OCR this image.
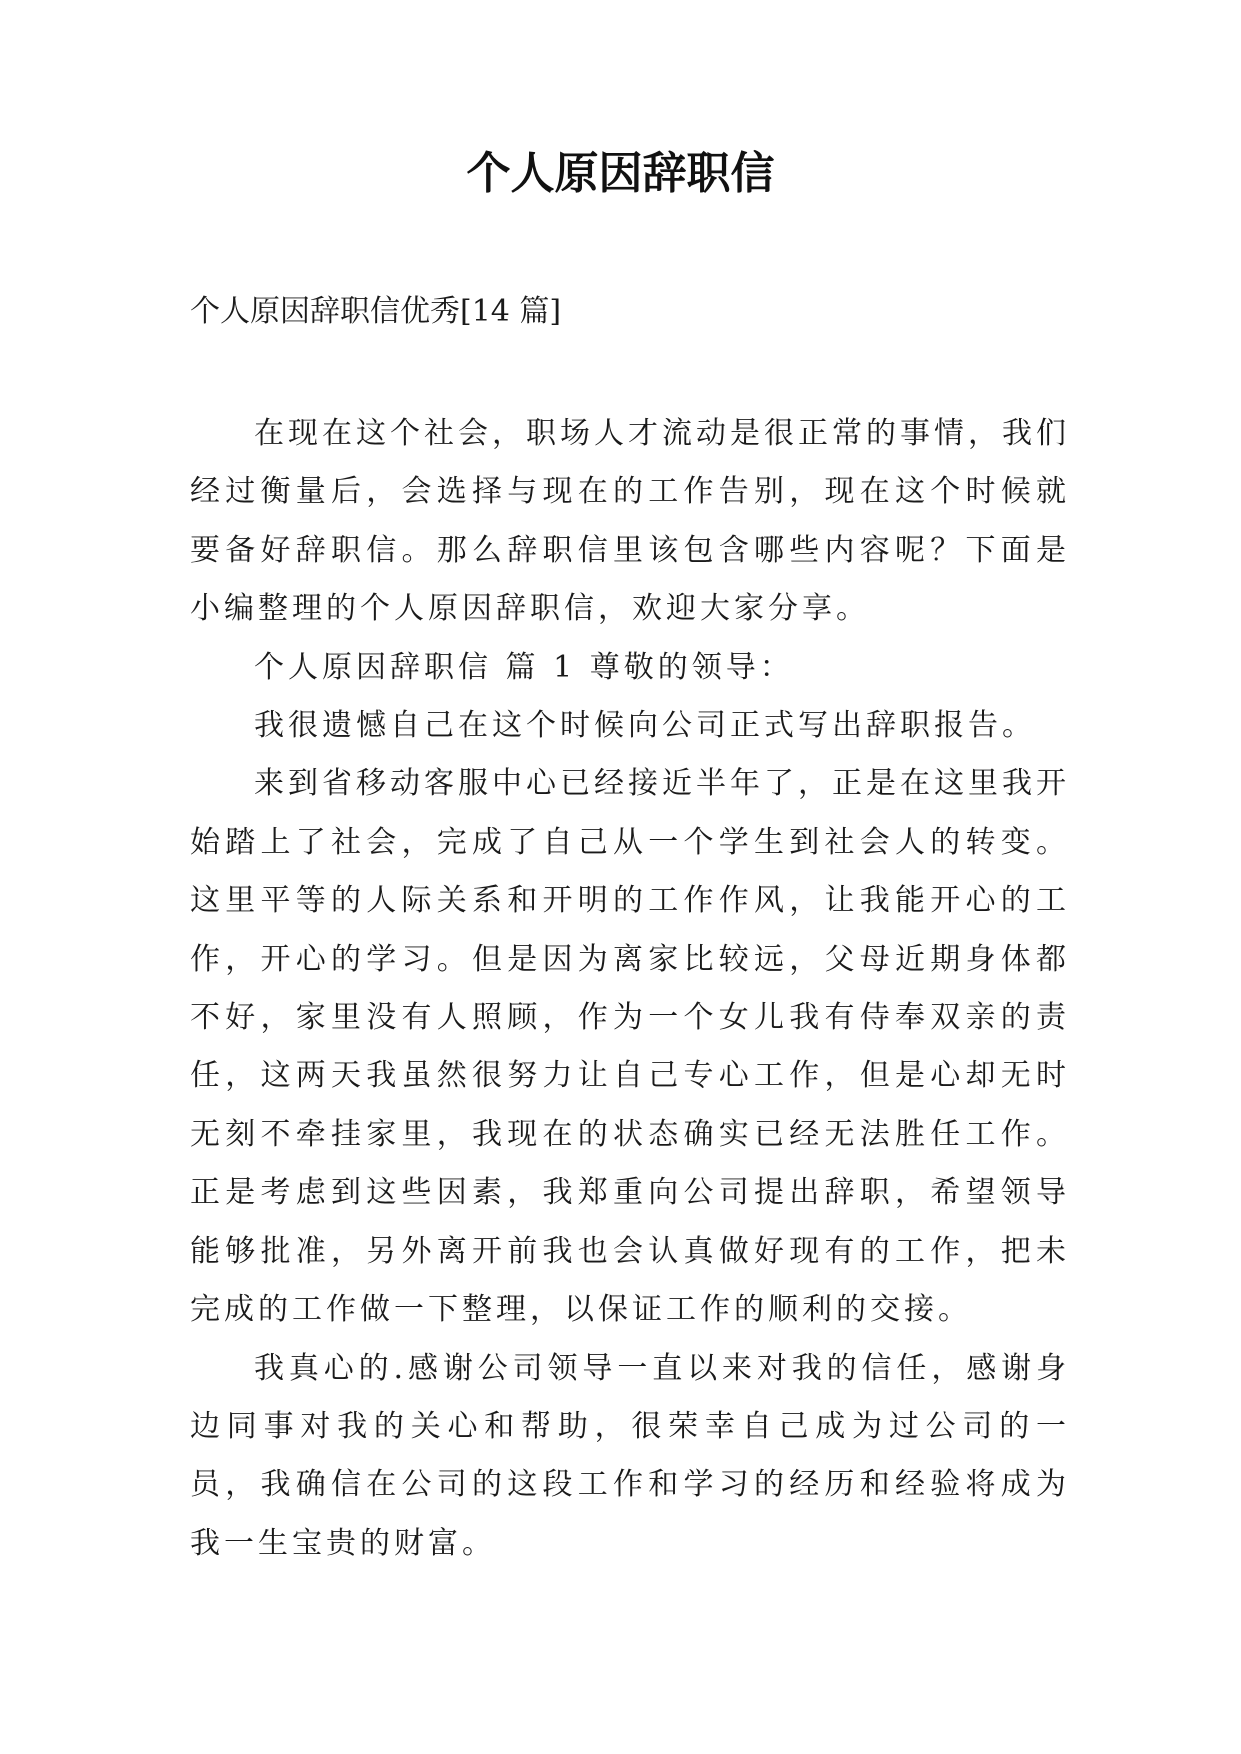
个人原因辞职信

个人原因辞职信优秀[14 篇]

在现在这个社会，职场人才流动是很正常的事情，我们经过衡量后，会选择与现在的工作告别，现在这个时候就要备好辞职信。那么辞职信里该包含哪些内容呢？下面是小编整理的个人原因辞职信，欢迎大家分享。

个人原因辞职信 篇 1 尊敬的领导：

我很遗憾自己在这个时候向公司正式写出辞职报告。

来到省移动客服中心已经接近半年了，正是在这里我开始踏上了社会，完成了自己从一个学生到社会人的转变。这里平等的人际关系和开明的工作作风，让我能开心的工作，开心的学习。但是因为离家比较远，父母近期身体都不好，家里没有人照顾，作为一个女儿我有侍奉双亲的责任，这两天我虽然很努力让自己专心工作，但是心却无时无刻不牵挂家里，我现在的状态确实已经无法胜任工作。正是考虑到这些因素，我郑重向公司提出辞职，希望领导能够批准，另外离开前我也会认真做好现有的工作，把未完成的工作做一下整理，以保证工作的顺利的交接。

我真心的.感谢公司领导一直以来对我的信任，感谢身边同事对我的关心和帮助，很荣幸自己成为过公司的一员，我确信在公司的这段工作和学习的经历和经验将成为我一生宝贵的财富。
